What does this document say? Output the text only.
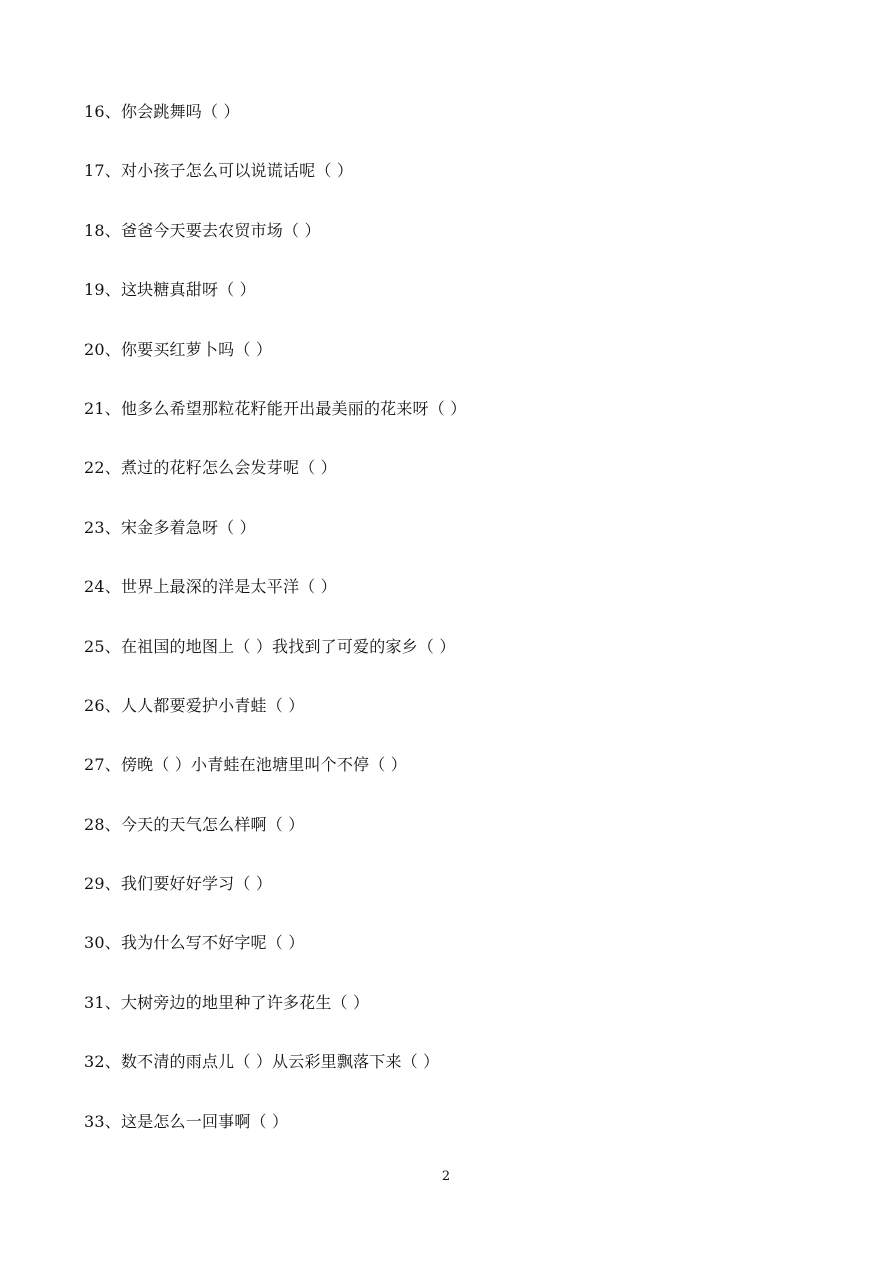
16、你会跳舞吗（ ）
17、对小孩子怎么可以说谎话呢（ ）
18、爸爸今天要去农贸市场（ ）
19、这块糖真甜呀（ ）
20、你要买红萝卜吗（ ）
21、他多么希望那粒花籽能开出最美丽的花来呀（ ）
22、煮过的花籽怎么会发芽呢（ ）
23、宋金多着急呀（ ）
24、世界上最深的洋是太平洋（ ）
25、在祖国的地图上（ ）我找到了可爱的家乡（ ）
26、人人都要爱护小青蛙（ ）
27、傍晚（ ）小青蛙在池塘里叫个不停（ ）
28、今天的天气怎么样啊（ ）
29、我们要好好学习（ ）
30、我为什么写不好字呢（ ）
31、大树旁边的地里种了许多花生（ ）
32、数不清的雨点儿（ ）从云彩里飘落下来（ ）
33、这是怎么一回事啊（ ）
2
